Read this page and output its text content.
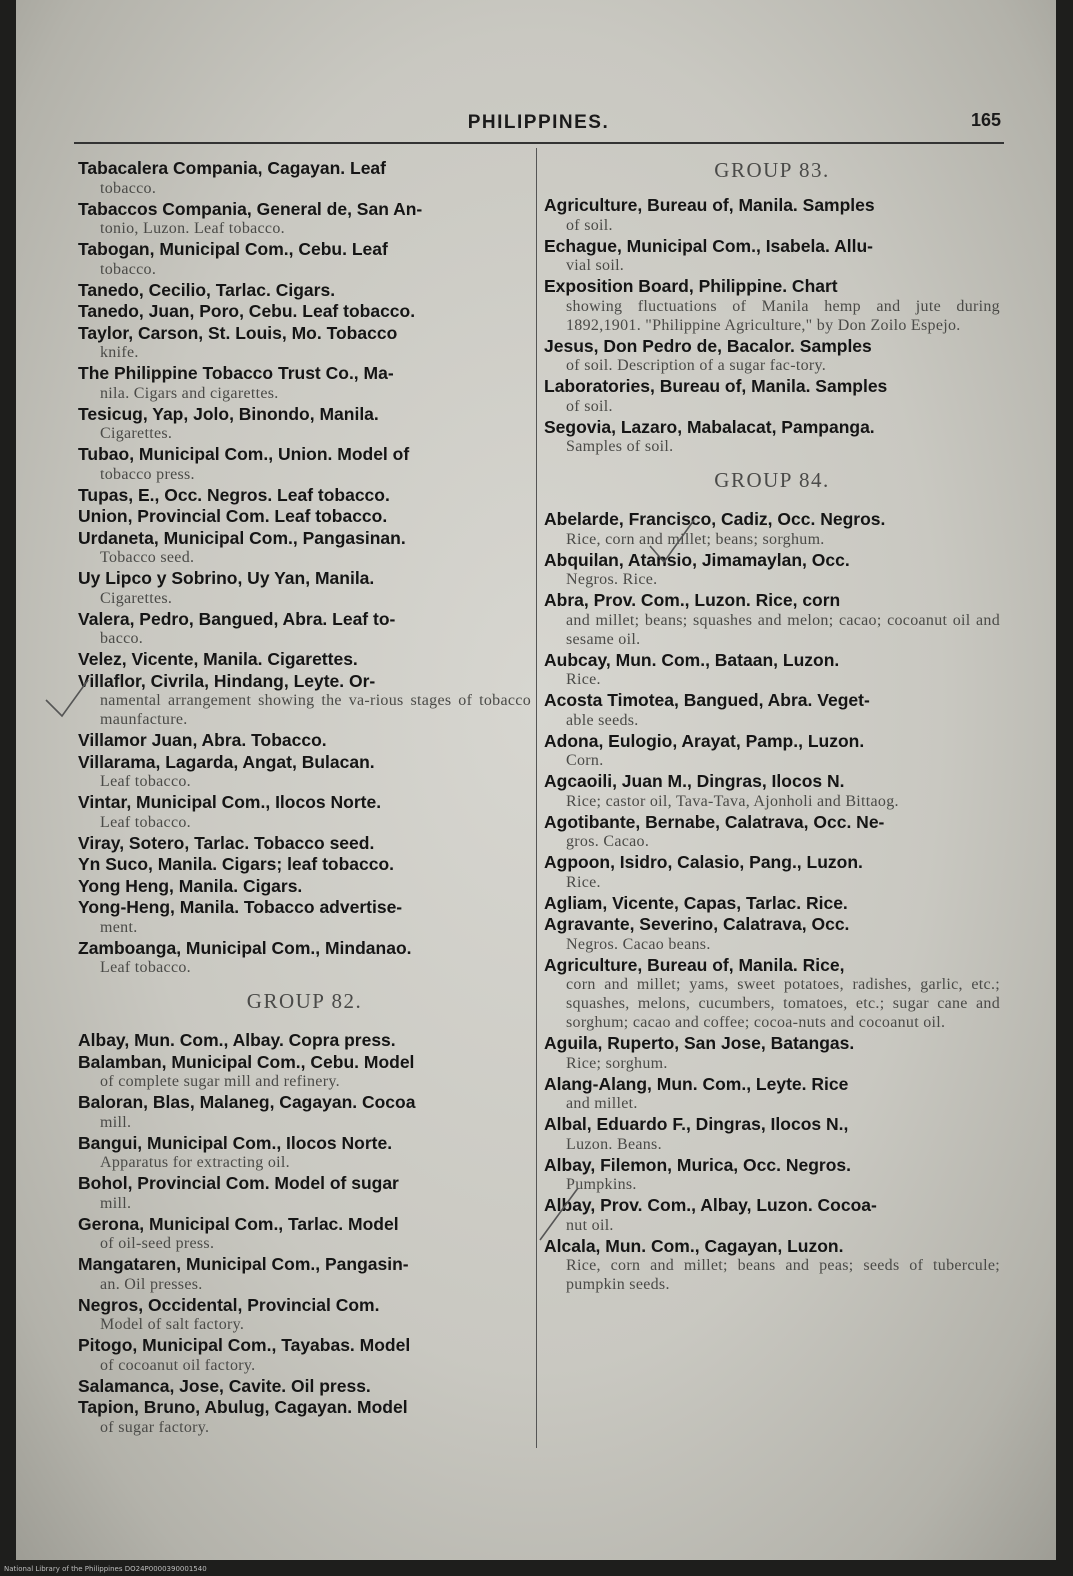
PHILIPPINES.	165
Tabacalera Compania, Cagayan. Leaf
tobacco.
Tabaccos Compania, General de, San An-
tonio, Luzon. Leaf tobacco.
Tabogan, Municipal Com., Cebu. Leaf
tobacco.
Tanedo, Cecilio, Tarlac. Cigars.
Tanedo, Juan, Poro, Cebu. Leaf tobacco.
Taylor, Carson, St. Louis, Mo. Tobacco
knife.
The Philippine Tobacco Trust Co., Ma-
nila. Cigars and cigarettes.
Tesicug, Yap, Jolo, Binondo, Manila.
Cigarettes.
Tubao, Municipal Com., Union. Model of
tobacco press.
Tupas, E., Occ. Negros. Leaf tobacco.
Union, Provincial Com. Leaf tobacco.
Urdaneta, Municipal Com., Pangasinan.
Tobacco seed.
Uy Lipco y Sobrino, Uy Yan, Manila.
Cigarettes.
Valera, Pedro, Bangued, Abra. Leaf to-
bacco.
Velez, Vicente, Manila. Cigarettes.
Villaflor, Civrila, Hindang, Leyte. Or-
namental arrangement showing the va-rious stages of tobacco maunfacture.
Villamor Juan, Abra. Tobacco.
Villarama, Lagarda, Angat, Bulacan.
Leaf tobacco.
Vintar, Municipal Com., Ilocos Norte.
Leaf tobacco.
Viray, Sotero, Tarlac. Tobacco seed.
Yn Suco, Manila. Cigars; leaf tobacco.
Yong Heng, Manila. Cigars.
Yong-Heng, Manila. Tobacco advertise-
ment.
Zamboanga, Municipal Com., Mindanao.
Leaf tobacco.
GROUP 82.
Albay, Mun. Com., Albay. Copra press.
Balamban, Municipal Com., Cebu. Model
of complete sugar mill and refinery.
Baloran, Blas, Malaneg, Cagayan. Cocoa
mill.
Bangui, Municipal Com., Ilocos Norte.
Apparatus for extracting oil.
Bohol, Provincial Com. Model of sugar
mill.
Gerona, Municipal Com., Tarlac. Model
of oil-seed press.
Mangataren, Municipal Com., Pangasin-
an. Oil presses.
Negros, Occidental, Provincial Com.
Model of salt factory.
Pitogo, Municipal Com., Tayabas. Model
of cocoanut oil factory.
Salamanca, Jose, Cavite. Oil press.
Tapion, Bruno, Abulug, Cagayan. Model
of sugar factory.
GROUP 83.
Agriculture, Bureau of, Manila. Samples
of soil.
Echague, Municipal Com., Isabela. Allu-
vial soil.
Exposition Board, Philippine. Chart
showing fluctuations of Manila hemp and jute during 1892,1901. "Philippine Agriculture," by Don Zoilo Espejo.
Jesus, Don Pedro de, Bacalor. Samples
of soil. Description of a sugar fac-tory.
Laboratories, Bureau of, Manila. Samples
of soil.
Segovia, Lazaro, Mabalacat, Pampanga.
Samples of soil.
GROUP 84.
Abelarde, Francisco, Cadiz, Occ. Negros.
Rice, corn and millet; beans; sorghum.
Abquilan, Atansio, Jimamaylan, Occ.
Negros. Rice.
Abra, Prov. Com., Luzon. Rice, corn
and millet; beans; squashes and melon; cacao; cocoanut oil and sesame oil.
Aubcay, Mun. Com., Bataan, Luzon.
Rice.
Acosta Timotea, Bangued, Abra. Veget-
able seeds.
Adona, Eulogio, Arayat, Pamp., Luzon.
Corn.
Agcaoili, Juan M., Dingras, Ilocos N.
Rice; castor oil, Tava-Tava, Ajonholi and Bittaog.
Agotibante, Bernabe, Calatrava, Occ. Ne-
gros. Cacao.
Agpoon, Isidro, Calasio, Pang., Luzon.
Rice.
Agliam, Vicente, Capas, Tarlac. Rice.
Agravante, Severino, Calatrava, Occ.
Negros. Cacao beans.
Agriculture, Bureau of, Manila. Rice,
corn and millet; yams, sweet potatoes, radishes, garlic, etc.; squashes, melons, cucumbers, tomatoes, etc.; sugar cane and sorghum; cacao and coffee; cocoa-nuts and cocoanut oil.
Aguila, Ruperto, San Jose, Batangas.
Rice; sorghum.
Alang-Alang, Mun. Com., Leyte. Rice
and millet.
Albal, Eduardo F., Dingras, Ilocos N.,
Luzon. Beans.
Albay, Filemon, Murica, Occ. Negros.
Pumpkins.
Albay, Prov. Com., Albay, Luzon. Cocoa-
nut oil.
Alcala, Mun. Com., Cagayan, Luzon.
Rice, corn and millet; beans and peas; seeds of tubercule; pumpkin seeds.
National Library of the Philippines DO24P0000390001540
